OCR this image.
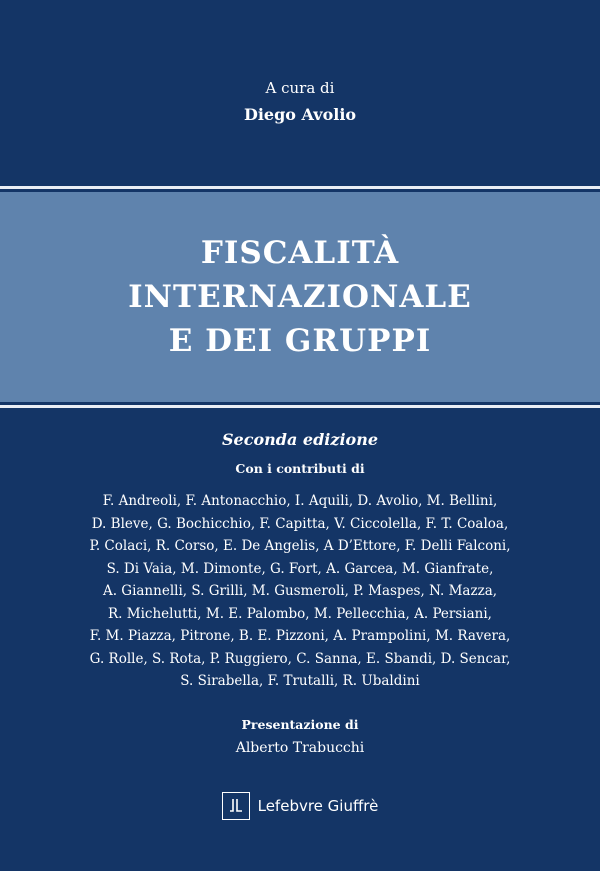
A cura di
Diego Avolio
FISCALITÀ
INTERNAZIONALE
E DEI GRUPPI
Seconda edizione
Con i contributi di
F. Andreoli, F. Antonacchio, I. Aquili, D. Avolio, M. Bellini,
D. Bleve, G. Bochicchio, F. Capitta, V. Ciccolella, F. T. Coaloa,
P. Colaci, R. Corso, E. De Angelis, A D’Ettore, F. Delli Falconi,
S. Di Vaia, M. Dimonte, G. Fort, A. Garcea, M. Gianfrate,
A. Giannelli, S. Grilli, M. Gusmeroli, P. Maspes, N. Mazza,
R. Michelutti, M. E. Palombo, M. Pellecchia, A. Persiani,
F. M. Piazza, Pitrone, B. E. Pizzoni, A. Prampolini, M. Ravera,
G. Rolle, S. Rota, P. Ruggiero, C. Sanna, E. Sbandi, D. Sencar,
S. Sirabella, F. Trutalli, R. Ubaldini
Presentazione di
Alberto Trabucchi
Lefebvre Giuffrè
